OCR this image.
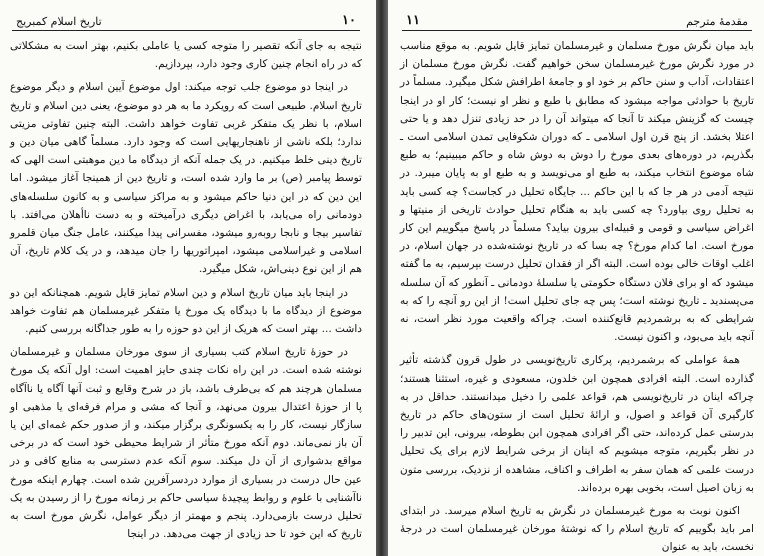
١٠
تاریخ اسلام کمبریج

نتیجه به جای آنکه تقصیر را متوجه کسی یا عاملی بکنیم، بهتر است به مشکلاتی که در راه انجام چنین کاری وجود دارد، بپردازیم.

در اینجا دو موضوع جلب توجه میکند: اول موضوع آیین اسلام و دیگر موضوع تاریخ اسلام. طبیعی است که رویکرد ما به هر دو موضوع، یعنی دین اسلام و تاریخ اسلام، با نظر یک متفکر غربی تفاوت خواهد داشت. البته چنین تفاوتی مزیتی ندارد؛ بلکه ناشی از ناهنجاریهایی است که وجود دارد. مسلماً گاهی میان دین و تاریخ دینی خلط میکنیم. در یک جمله آنکه از دیدگاه ما دین موهبتی است الهی که توسط پیامبر (ص) بر ما وارد شده است، و تاریخ دین از همینجا آغاز میشود. اما این دین که در این دنیا حاکم میشود و به مراکز سیاسی و به کانون سلسله‌های دودمانی راه می‌یابد، با اغراض دیگری درآمیخته و به دست ناأهلان می‌افتد. با تفاسیر بیجا و نابجا روبه‌رو میشود، مفسرانی پیدا میکنند، عامل جنگ میان قلمرو اسلامی و غیراسلامی میشود، امپراتوریها را جان میدهد، و در یک کلام تاریخ، آن هم از این نوع دینی‌اش، شکل میگیرد.

در اینجا باید میان تاریخ اسلام و دین اسلام تمایز قایل شویم. همچنانکه این دو موضوع از دیدگاه ما با دیدگاه یک مورخ یا متفکر غیرمسلمان هم تفاوت خواهد داشت ... بهتر است که هریک از این دو حوزه را به طور جداگانه بررسی کنیم.

در حوزهٔ تاریخ اسلام کتب بسیاری از سوی مورخان مسلمان و غیرمسلمان نوشته شده است. در این راه نکات چندی حایز اهمیت است: اول آنکه یک مورخ مسلمان هرچند هم که بی‌طرف باشد، باز در شرح وقایع و ثبت آنها آگاه یا ناآگاه پا از حوزهٔ اعتدال بیرون می‌نهد، و آنجا که مشی و مرام فرقه‌ای یا مذهبی او سازگار نیست، کار را به یکسونگری برگزار میکند، و از صدور حکم غمه‌ای این یا آن باز نمی‌ماند. دوم آنکه مورخ متأثر از شرایط محیطی خود است که در برخی مواقع بدشواری از آن دل میکند. سوم آنکه عدم دسترسی به منابع کافی و در عین حال درست در بسیاری از موارد دردسرآفرین شده است. چهارم اینکه مورخ ناآشنایی با علوم و روابط پیچیدهٔ سیاسی حاکم بر زمانه مورخ را از رسیدن به یک تحلیل درست بازمی‌دارد. پنجم و مهمتر از دیگر عوامل، نگرش مورخ است به تاریخ که این خود تا حد زیادی از جهت می‌دهد. در اینجا

مقدمهٔ مترجم
١١

باید میان نگرش مورخ مسلمان و غیرمسلمان تمایز قایل شویم. به موقع مناسب در مورد نگرش مورخ غیرمسلمان سخن خواهیم گفت. نگرش مورخ مسلمان از اعتقادات، آداب و سنن حاکم بر خود او و جامعهٔ اطرافش شکل میگیرد. مسلماً در تاریخ با حوادثی مواجه میشود که مطابق با طبع و نظر او نیست؛ کار او در اینجا چیست که گزینش میکند تا آنجا که میتواند آن را در حد زیادی تنزل دهد و یا حتی اعتلا بخشد. از پنج قرن اول اسلامی ـ که دوران شکوفایی تمدن اسلامی است ـ بگذریم، در دوره‌های بعدی مورخ را دوش به دوش شاه و حاکم میبینیم؛ به طبع شاه موضوع انتخاب میکند، به طبع او می‌نویسد و به طبع او به پایان میبرد. در نتیجه آدمی در هر جا که با این حاکم ... جایگاه تحلیل در کجاست؟ چه کسی باید به تحلیل روی بیاورد؟ چه کسی باید به هنگام تحلیل حوادث تاریخی از منیتها و اغراض سیاسی و قومی و قبیله‌ای بیرون بیاید؟ مسلماً در پاسخ میگوییم این کار مورخ است. اما کدام مورخ؟ چه بسا که در تاریخ نوشته‌شده در جهان اسلام، در اغلب اوقات خالی بوده است. البته اگر از فقدان تحلیل درست بپرسیم، به ما گفته میشود که او برای فلان دستگاه حکومتی یا سلسلهٔ دودمانی ـ آنطور که آن سلسله می‌پسندید ـ تاریخ نوشته است؛ پس چه جای تحلیل است! از این رو آنچه را که به شرایطی که به برشمردیم قانع‌کننده است. چراکه واقعیت مورد نظر است، نه آنچه باید می‌بود، و اکنون نیست.

همهٔ عواملی که برشمردیم، پرکاری تاریخ‌نویسی در طول قرون گذشته تأثیر گذارده است. البته افرادی همچون ابن خلدون، مسعودی و غیره، استثنا هستند؛ چراکه اینان در تاریخ‌نویسی هم، قواعد علمی را دخیل میدانستند. حداقل در به کارگیری آن قواعد و اصول، و ارائهٔ تحلیل است از ستون‌های حاکم در تاریخ بدرستی عمل کرده‌اند، حتی اگر افرادی همچون ابن بطوطه، بیرونی، این تدبیر را در نظر بگیریم، متوجه میشویم که اینان از برخی شرایط لازم برای یک تحلیل درست علمی که همان سفر به اطراف و اکناف، مشاهده از نزدیک، بررسی متون به زبان اصیل است، بخوبی بهره برده‌اند.

اکنون نوبت به مورخ غیرمسلمان در نگرش به تاریخ اسلام میرسد. در ابتدای امر باید بگوییم که تاریخ اسلام را که نوشتهٔ مورخان غیرمسلمان است در درجهٔ نخست، باید به عنوان
